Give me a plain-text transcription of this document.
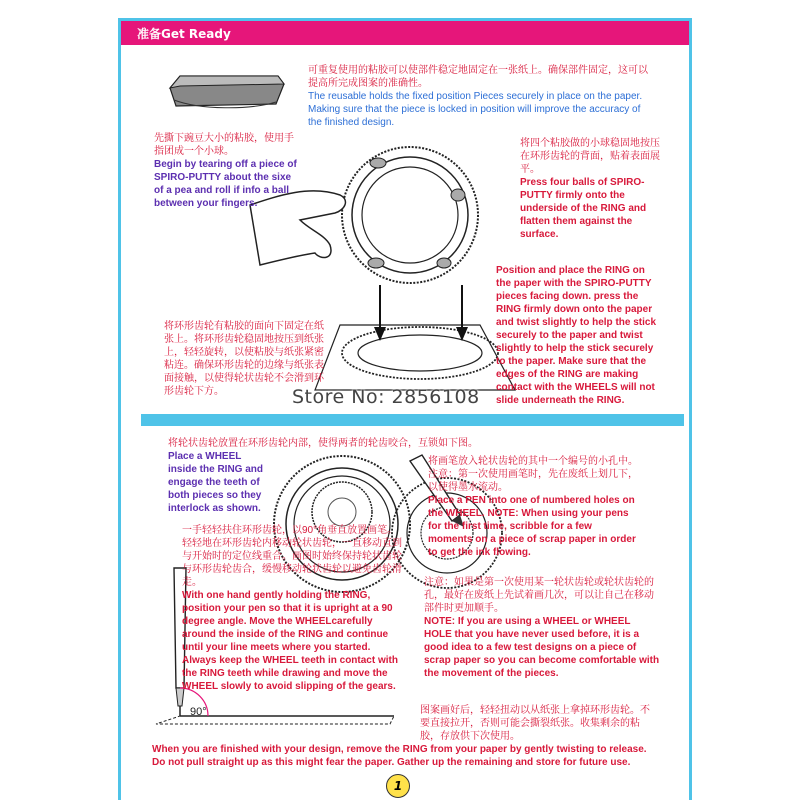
准备Get Ready
90°

可重复使用的粘胶可以使部件稳定地固定在一张纸上。确保部件固定，这可以提高所完成图案的准确性。

The reusable holds the fixed position Pieces securely in place on the paper. Making sure that the piece is locked in position will improve the accuracy of the finished design.

先撕下豌豆大小的粘胶，使用手指团成一个小球。

Begin by tearing off a piece of SPIRO-PUTTY about the sixe of a pea and roll if info a ball between your fingers.

将四个粘胶做的小球稳固地按压在环形齿轮的背面，贴着表面展平。

Press four balls of SPIRO-PUTTY firmly onto the underside of the RING and flatten them against the surface.

Position and place the RING on the paper with the SPIRO-PUTTY pieces facing down. press the RING firmly down onto the paper and twist slightly to help the stick securely to the paper and twist slightly to help the stick securely to the paper. Make sure that the edges of the RING are making contact with the WHEELS will not slide underneath the RING.

将环形齿轮有粘胶的面向下固定在纸张上。将环形齿轮稳固地按压到纸张上，轻轻旋转，以使粘胶与纸张紧密粘连。确保环形齿轮的边缘与纸张表面接触，以使得轮状齿轮不会滑到环形齿轮下方。	Store No: 2856108

将轮状齿轮放置在环形齿轮内部，使得两者的轮齿咬合，互锁如下图。

Place a WHEEL inside the RING and engage the teeth of both pieces so they interlock as shown.

将画笔放入轮状齿轮的其中一个编号的小孔中。注意：第一次使用画笔时，先在废纸上划几下，以使得墨水流动。

Place a PEN into one of numbered holes on the WHEEL. NOTE: When using your pens for the first time, scribble for a few moments on a piece of scrap paper in order to get the ink flowing.

一手轻轻扶住环形齿轮，以90°角垂直放置画笔。轻轻地在环形齿轮内移动轮状齿轮，一直移动直到与开始时的定位线重合。画图时始终保持轮状齿轮与环形齿轮齿合，缓慢移动轮状齿轮以避免齿轮滑走。

With one hand gently holding the RING, position your pen so that it is upright at a 90 degree angle. Move the WHEELcarefully around the inside of the RING and continue until your line meets where you started. Always keep the WHEEL teeth in contact with the RING teeth while drawing and move the WHEEL slowly to avoid slipping of the gears.

注意：如果是第一次使用某一轮状齿轮或轮状齿轮的孔，最好在废纸上先试着画几次，可以让自己在移动部件时更加顺手。

NOTE: If you are using a WHEEL or WHEEL HOLE that you have never used before, it is a good idea to a few test designs on a piece of scrap paper so you can become comfortable with the movement of the pieces.

图案画好后，轻轻扭动以从纸张上拿掉环形齿轮。不要直接拉开，否则可能会撕裂纸张。收集剩余的粘胶，存放供下次使用。

When you are finished with your design, remove the RING from your paper by gently twisting to release. Do not pull straight up as this might fear the paper. Gather up the remaining and store for future use.

1
